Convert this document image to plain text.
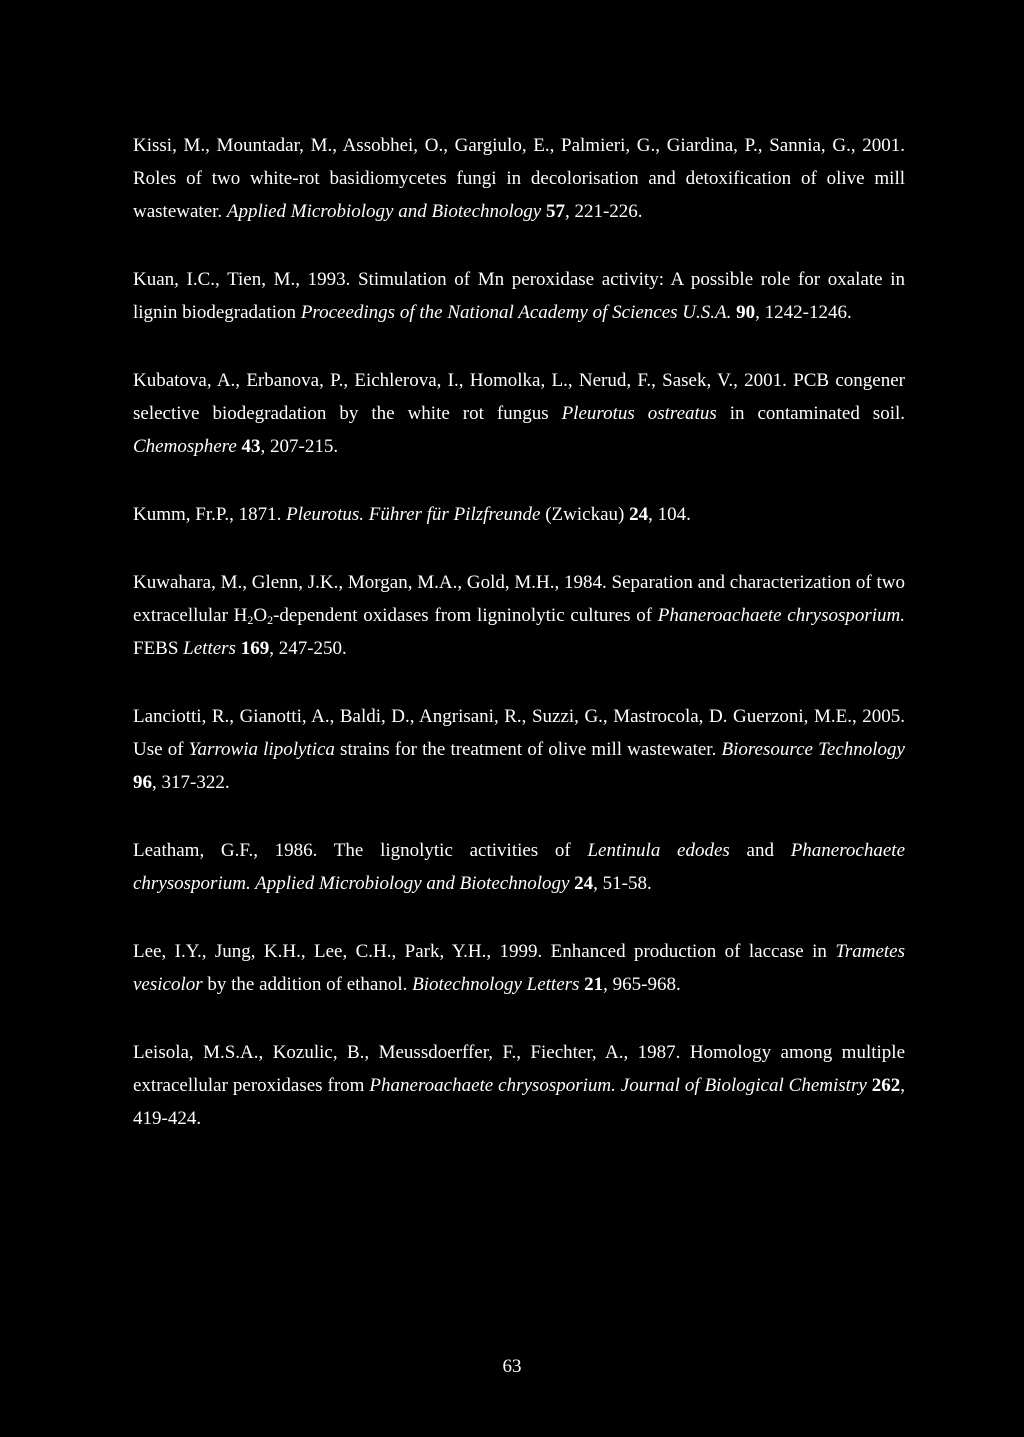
Kissi, M., Mountadar, M., Assobhei, O., Gargiulo, E., Palmieri, G., Giardina, P., Sannia, G., 2001. Roles of two white-rot basidiomycetes fungi in decolorisation and detoxification of olive mill wastewater. Applied Microbiology and Biotechnology 57, 221-226.

Kuan, I.C., Tien, M., 1993. Stimulation of Mn peroxidase activity: A possible role for oxalate in lignin biodegradation Proceedings of the National Academy of Sciences U.S.A. 90, 1242-1246.

Kubatova, A., Erbanova, P., Eichlerova, I., Homolka, L., Nerud, F., Sasek, V., 2001. PCB congener selective biodegradation by the white rot fungus Pleurotus ostreatus in contaminated soil. Chemosphere 43, 207-215.

Kumm, Fr.P., 1871. Pleurotus. Führer für Pilzfreunde (Zwickau) 24, 104.

Kuwahara, M., Glenn, J.K., Morgan, M.A., Gold, M.H., 1984. Separation and characterization of two extracellular $H_2O_2$-dependent oxidases from ligninolytic cultures of Phaneroachaete chrysosporium. FEBS Letters 169, 247-250.

Lanciotti, R., Gianotti, A., Baldi, D., Angrisani, R., Suzzi, G., Mastrocola, D. Guerzoni, M.E., 2005. Use of Yarrowia lipolytica strains for the treatment of olive mill wastewater. Bioresource Technology 96, 317-322.

Leatham, G.F., 1986. The lignolytic activities of Lentinula edodes and Phanerochaete chrysosporium. Applied Microbiology and Biotechnology 24, 51-58.

Lee, I.Y., Jung, K.H., Lee, C.H., Park, Y.H., 1999. Enhanced production of laccase in Trametes vesicolor by the addition of ethanol. Biotechnology Letters 21, 965-968.

Leisola, M.S.A., Kozulic, B., Meussdoerffer, F., Fiechter, A., 1987. Homology among multiple extracellular peroxidases from Phaneroachaete chrysosporium. Journal of Biological Chemistry 262, 419-424.

63
